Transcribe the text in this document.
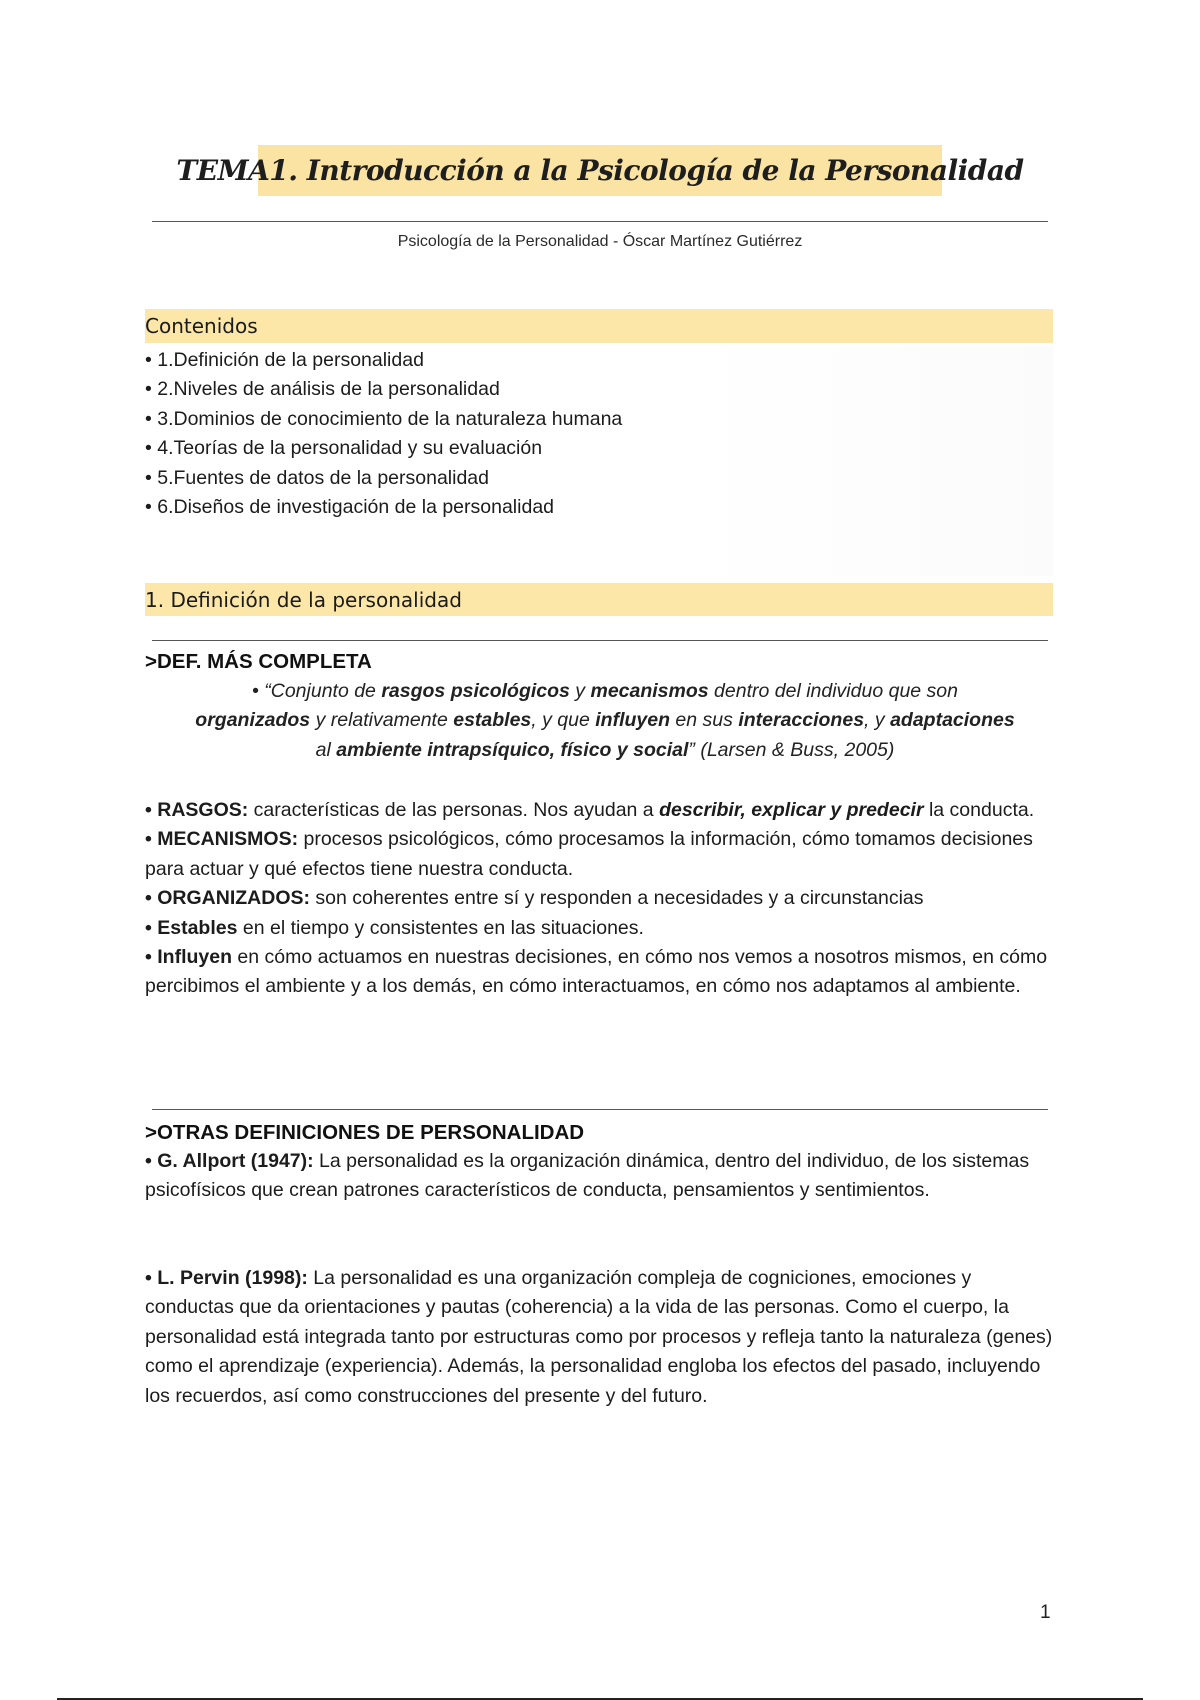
TEMA1. Introducción a la Psicología de la Personalidad
Psicología de la Personalidad - Óscar Martínez Gutiérrez
Contenidos
• 1.Definición de la personalidad
• 2.Niveles de análisis de la personalidad
• 3.Dominios de conocimiento de la naturaleza humana
• 4.Teorías de la personalidad y su evaluación
• 5.Fuentes de datos de la personalidad
• 6.Diseños de investigación de la personalidad
1. Definición de la personalidad
>DEF. MÁS COMPLETA
• “Conjunto de rasgos psicológicos y mecanismos dentro del individuo que son organizados y relativamente estables, y que influyen en sus interacciones, y adaptaciones al ambiente intrapsíquico, físico y social” (Larsen & Buss, 2005)

• RASGOS: características de las personas. Nos ayudan a describir, explicar y predecir la conducta.

• MECANISMOS: procesos psicológicos, cómo procesamos la información, cómo tomamos decisiones para actuar y qué efectos tiene nuestra conducta.

• ORGANIZADOS: son coherentes entre sí y responden a necesidades y a circunstancias

• Estables en el tiempo y consistentes en las situaciones.

• Influyen en cómo actuamos en nuestras decisiones, en cómo nos vemos a nosotros mismos, en cómo percibimos el ambiente y a los demás, en cómo interactuamos, en cómo nos adaptamos al ambiente.

>OTRAS DEFINICIONES DE PERSONALIDAD

• G. Allport (1947): La personalidad es la organización dinámica, dentro del individuo, de los sistemas psicofísicos que crean patrones característicos de conducta, pensamientos y sentimientos.

• L. Pervin (1998): La personalidad es una organización compleja de cogniciones, emociones y conductas que da orientaciones y pautas (coherencia) a la vida de las personas. Como el cuerpo, la personalidad está integrada tanto por estructuras como por procesos y refleja tanto la naturaleza (genes) como el aprendizaje (experiencia). Además, la personalidad engloba los efectos del pasado, incluyendo los recuerdos, así como construcciones del presente y del futuro.

1
